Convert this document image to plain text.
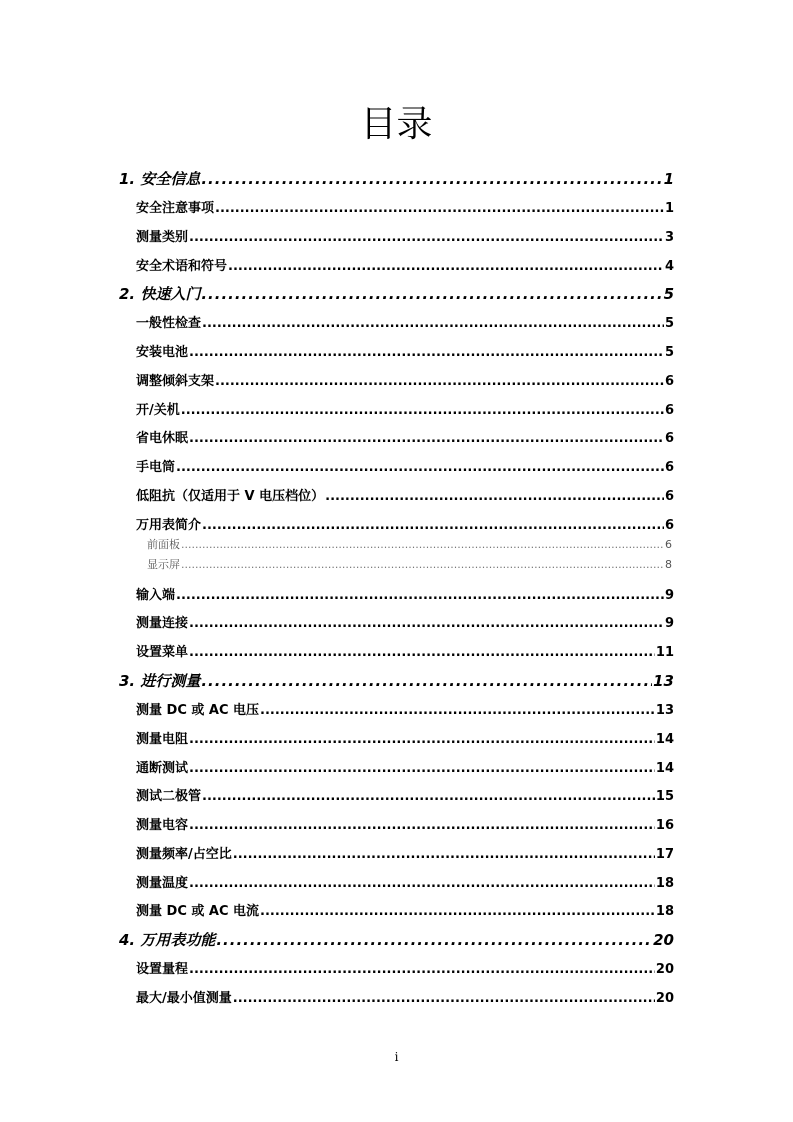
目录
1. 安全信息 .....	1
安全注意事项 .....	1
测量类别 .....	3
安全术语和符号 .....	4
2. 快速入门 .....	5
一般性检查 .....	5
安装电池 .....	5
调整倾斜支架 .....	6
开/关机 .....	6
省电休眠 .....	6
手电筒 .....	6
低阻抗（仅适用于 V 电压档位） .....	6
万用表简介 .....	6
前面板 .....	6
显示屏 .....	8
输入端 .....	9
测量连接 .....	9
设置菜单 .....	11
3. 进行测量 .....	13
测量 DC 或 AC 电压 .....	13
测量电阻 .....	14
通断测试 .....	14
测试二极管 .....	15
测量电容 .....	16
测量频率/占空比 .....	17
测量温度 .....	18
测量 DC 或 AC 电流 .....	18
4. 万用表功能 .....	20
设置量程 .....	20
最大/最小值测量 .....	20
i
